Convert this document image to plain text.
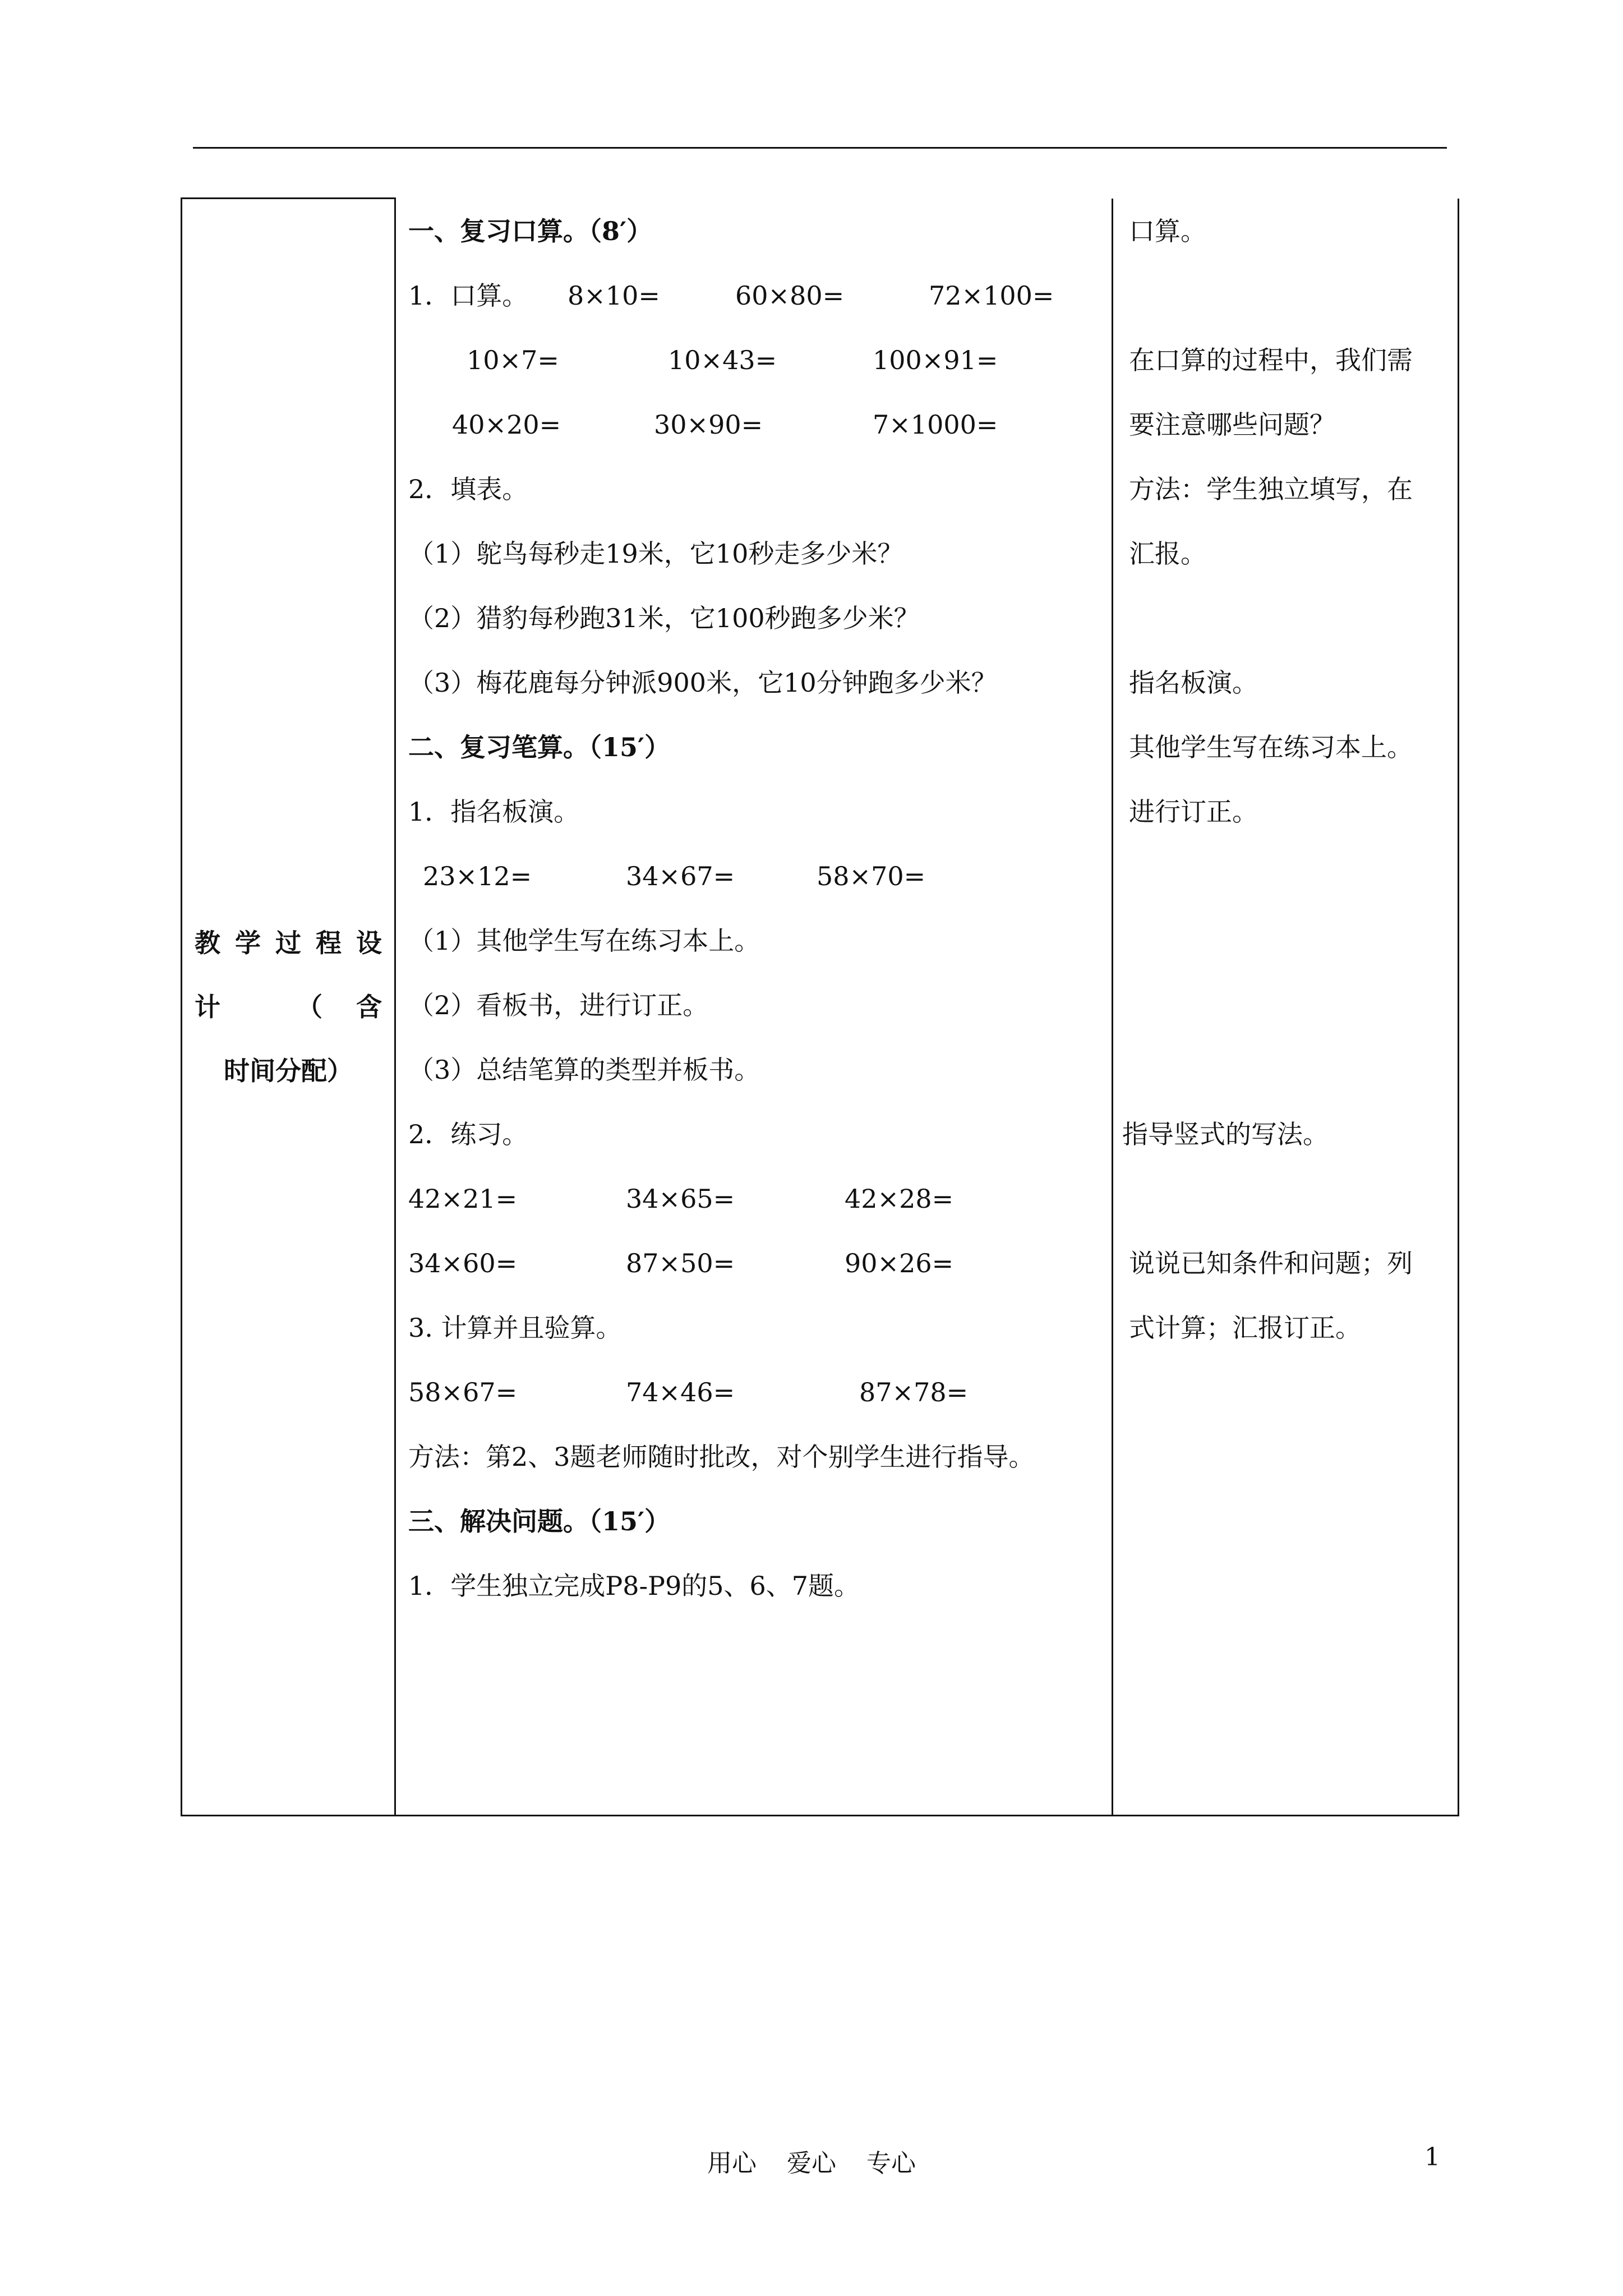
教学过程设
计 （含

时间分配）

一、复习口算。（8′）
1．口算。 8×10=	60×80=	72×100=
10×7=	10×43=	100×91=
40×20=	30×90=	7×1000=
2．填表。
（1）鸵鸟每秒走19米，它10秒走多少米？
（2）猎豹每秒跑31米，它100秒跑多少米？
（3）梅花鹿每分钟派900米，它10分钟跑多少米？
二、复习笔算。（15′）
1．指名板演。
23×12=	34×67=	58×70=
（1）其他学生写在练习本上。
（2）看板书，进行订正。
（3）总结笔算的类型并板书。
2．练习。
42×21=	34×65=	42×28=
34×60=	87×50=	90×26=
3. 计算并且验算。
58×67=	74×46=	87×78=
方法：第2、3题老师随时批改，对个别学生进行指导。
三、解决问题。（15′）
1．学生独立完成P8-P9的5、6、7题。

口算。
在口算的过程中，我们需
要注意哪些问题？
方法：学生独立填写，在
汇报。
指名板演。
其他学生写在练习本上。
进行订正。
指导竖式的写法。
说说已知条件和问题；列
式计算；汇报订正。
用心 爱心 专心	1
